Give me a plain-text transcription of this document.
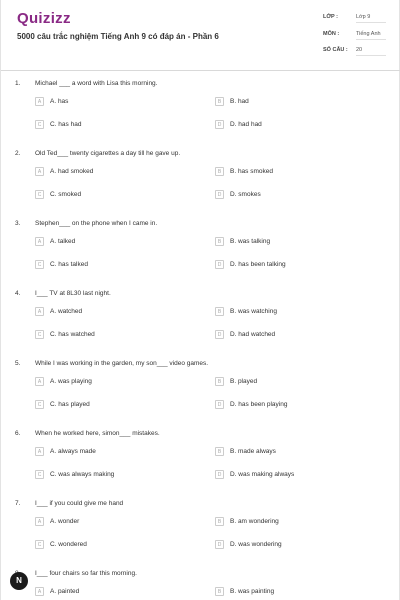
Quizizz
5000 câu trắc nghiệm Tiếng Anh 9 có đáp án - Phần 6
LỚP :	Lớp 9
MÔN :	Tiếng Anh
SỐ CÂU : 20
1. Michael ___ a word with Lisa this morning.
A	A. has	B	B. had
C	C. has had	D	D. had had
2. Old Ted___ twenty cigarettes a day till he gave up.
A	A. had smoked	B	B. has smoked
C	C. smoked	D	D. smokes
3. Stephen___ on the phone when I came in.
A	A. talked	B	B. was talking
C	C. has talked	D	D. has been talking
4. I___ TV at 8L30 last night.
A	A. watched	B	B. was watching
C	C. has watched	D	D. had watched
5. While I was working in the garden, my son___ video games.
A	A. was playing	B	B. played
C	C. has played	D	D. has been playing
6. When he worked here, simon___ mistakes.
A	A. always made	B	B. made always
C	C. was always making	D	D. was making always
7. I___ if you could give me hand
A	A. wonder	B	B. am wondering
C	C. wondered	D	D. was wondering
I___ four chairs so far this morning.
A	A. painted	B	B. was painting
N
